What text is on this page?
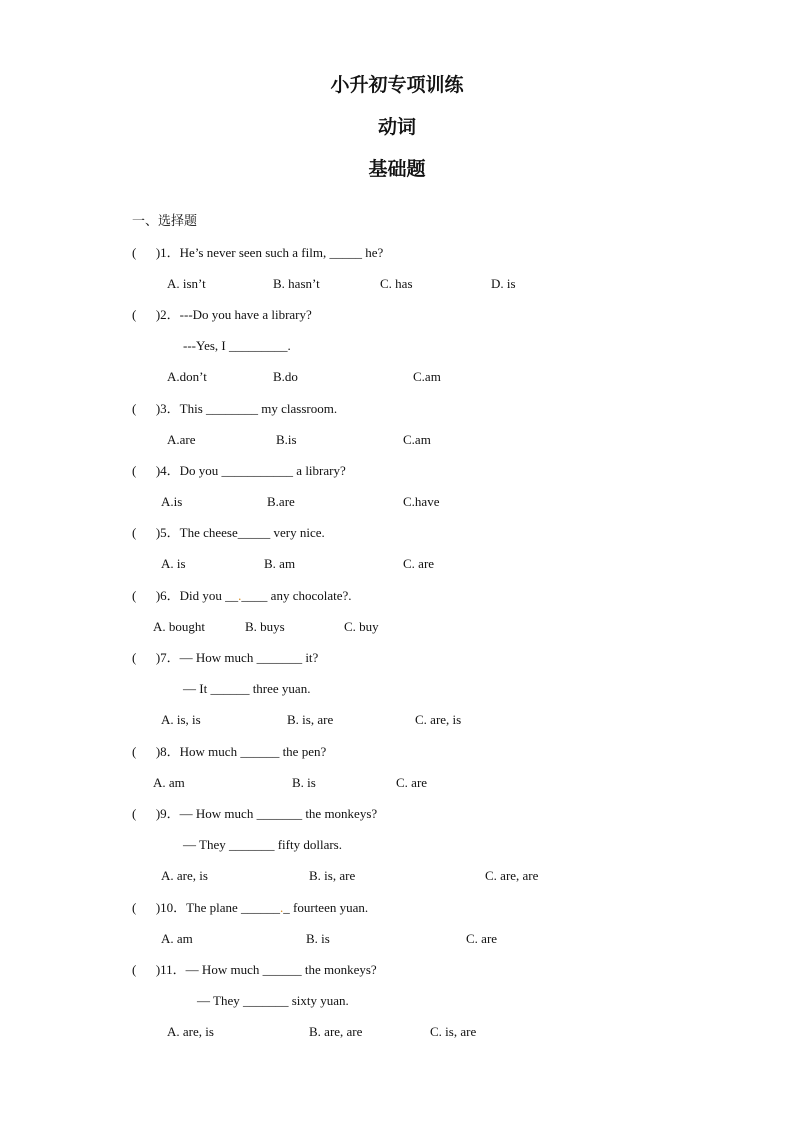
小升初专项训练
动词
基础题
一、选择题
(      )1．He’s never seen such a film, _____ he?
A. isn’t	B. hasn’t	C. has	D. is
(      )2．---Do you have a library?
---Yes, I _________.
A.don’t	B.do	C.am
(      )3．This ________ my classroom.
A.are	B.is	C.am
(      )4．Do you ___________ a library?
A.is	B.are	C.have
(      )5．The cheese_____ very nice.
A. is	B. am	C. are
(      )6．Did you __.____ any chocolate?.
A. bought	B. buys	C. buy
(      )7．— How much _______ it?
— It ______ three yuan.
A. is, is	B. is, are	C. are, is
(      )8．How much ______ the pen?
A. am	B. is	C. are
(      )9．— How much _______ the monkeys?
— They _______ fifty dollars.
A. are, is	B. is, are	C. are, are
(      )10．The plane ______._ fourteen yuan.
A. am	B. is	C. are
(      )11．— How much ______ the monkeys?
— They _______ sixty yuan.
A. are, is	B. are, are	C. is, are
